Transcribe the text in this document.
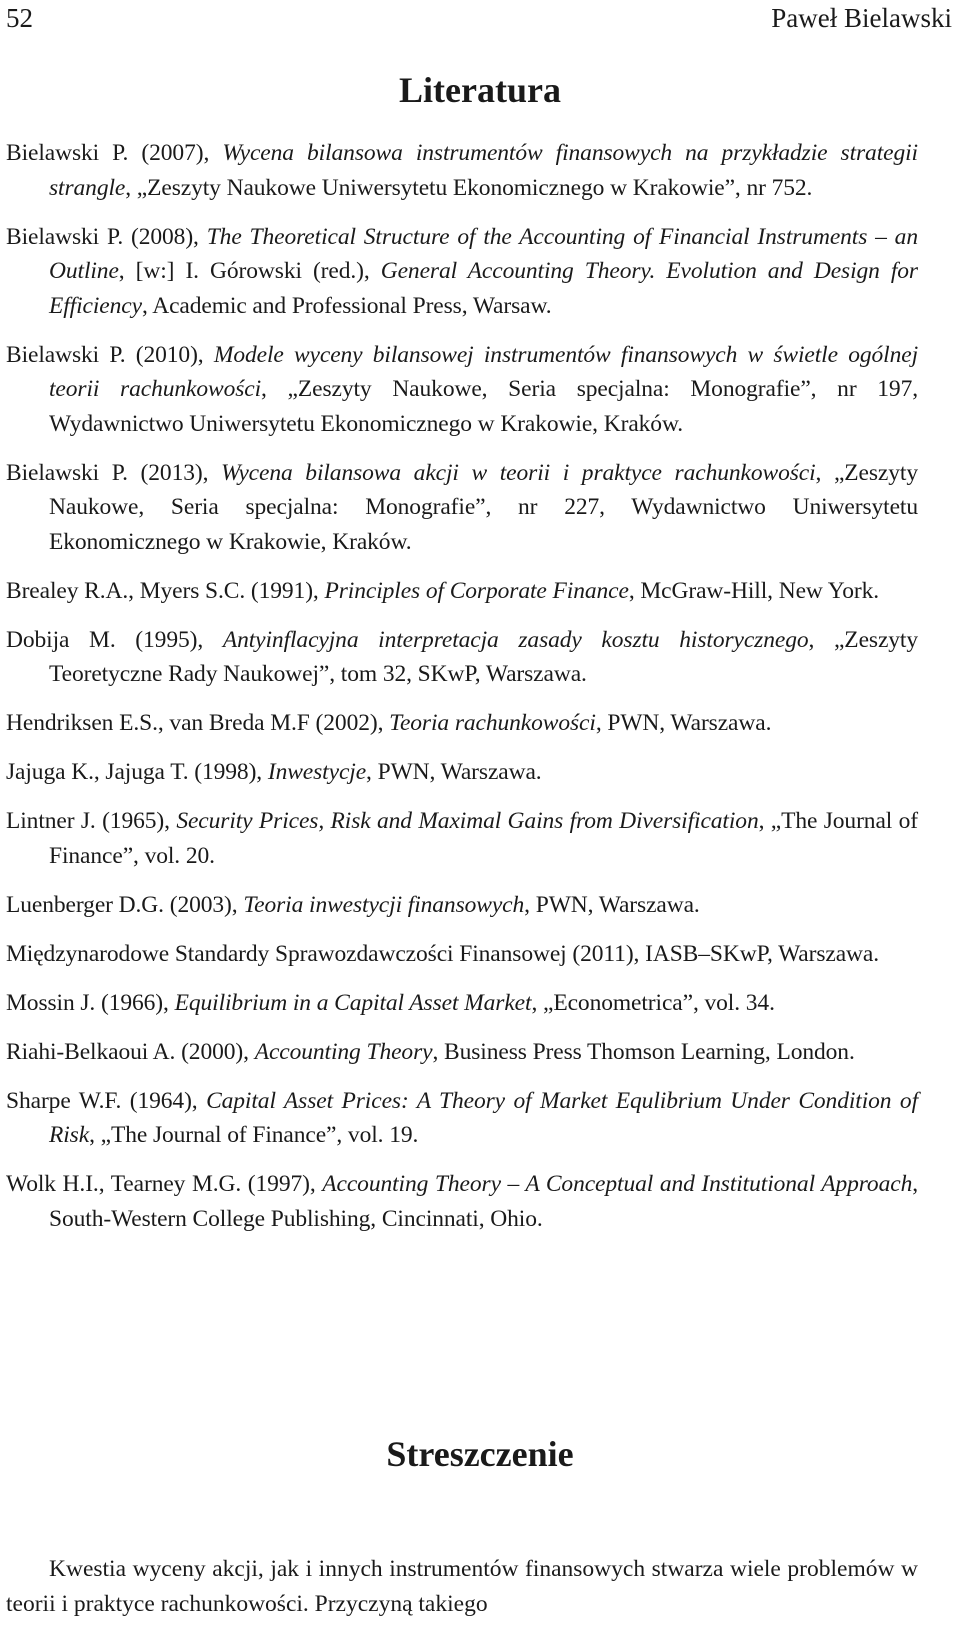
52	Paweł Bielawski
Literatura

Bielawski P. (2007), Wycena bilansowa instrumentów finansowych na przykładzie strategii strangle, „Zeszyty Naukowe Uniwersytetu Ekonomicznego w Krakowie”, nr 752.

Bielawski P. (2008), The Theoretical Structure of the Accounting of Financial Instruments – an Outline, [w:] I. Górowski (red.), General Accounting Theory. Evolution and Design for Efficiency, Academic and Professional Press, Warsaw.

Bielawski P. (2010), Modele wyceny bilansowej instrumentów finansowych w świetle ogólnej teorii rachunkowości, „Zeszyty Naukowe, Seria specjalna: Monografie”, nr 197, Wydawnictwo Uniwersytetu Ekonomicznego w Krakowie, Kraków.

Bielawski P. (2013), Wycena bilansowa akcji w teorii i praktyce rachunkowości, „Zeszyty Naukowe, Seria specjalna: Monografie”, nr 227, Wydawnictwo Uniwersytetu Ekonomicznego w Krakowie, Kraków.

Brealey R.A., Myers S.C. (1991), Principles of Corporate Finance, McGraw-Hill, New York.

Dobija M. (1995), Antyinflacyjna interpretacja zasady kosztu historycznego, „Zeszyty Teoretyczne Rady Naukowej”, tom 32, SKwP, Warszawa.

Hendriksen E.S., van Breda M.F (2002), Teoria rachunkowości, PWN, Warszawa.

Jajuga K., Jajuga T. (1998), Inwestycje, PWN, Warszawa.

Lintner J. (1965), Security Prices, Risk and Maximal Gains from Diversification, „The Journal of Finance”, vol. 20.

Luenberger D.G. (2003), Teoria inwestycji finansowych, PWN, Warszawa.

Międzynarodowe Standardy Sprawozdawczości Finansowej (2011), IASB–SKwP, Warszawa.

Mossin J. (1966), Equilibrium in a Capital Asset Market, „Econometrica”, vol. 34.

Riahi-Belkaoui A. (2000), Accounting Theory, Business Press Thomson Learning, London.

Sharpe W.F. (1964), Capital Asset Prices: A Theory of Market Equlibrium Under Condition of Risk, „The Journal of Finance”, vol. 19.

Wolk H.I., Tearney M.G. (1997), Accounting Theory – A Conceptual and Institutional Approach, South-Western College Publishing, Cincinnati, Ohio.

Streszczenie

Kwestia wyceny akcji, jak i innych instrumentów finansowych stwarza wiele problemów w teorii i praktyce rachunkowości. Przyczyną takiego
